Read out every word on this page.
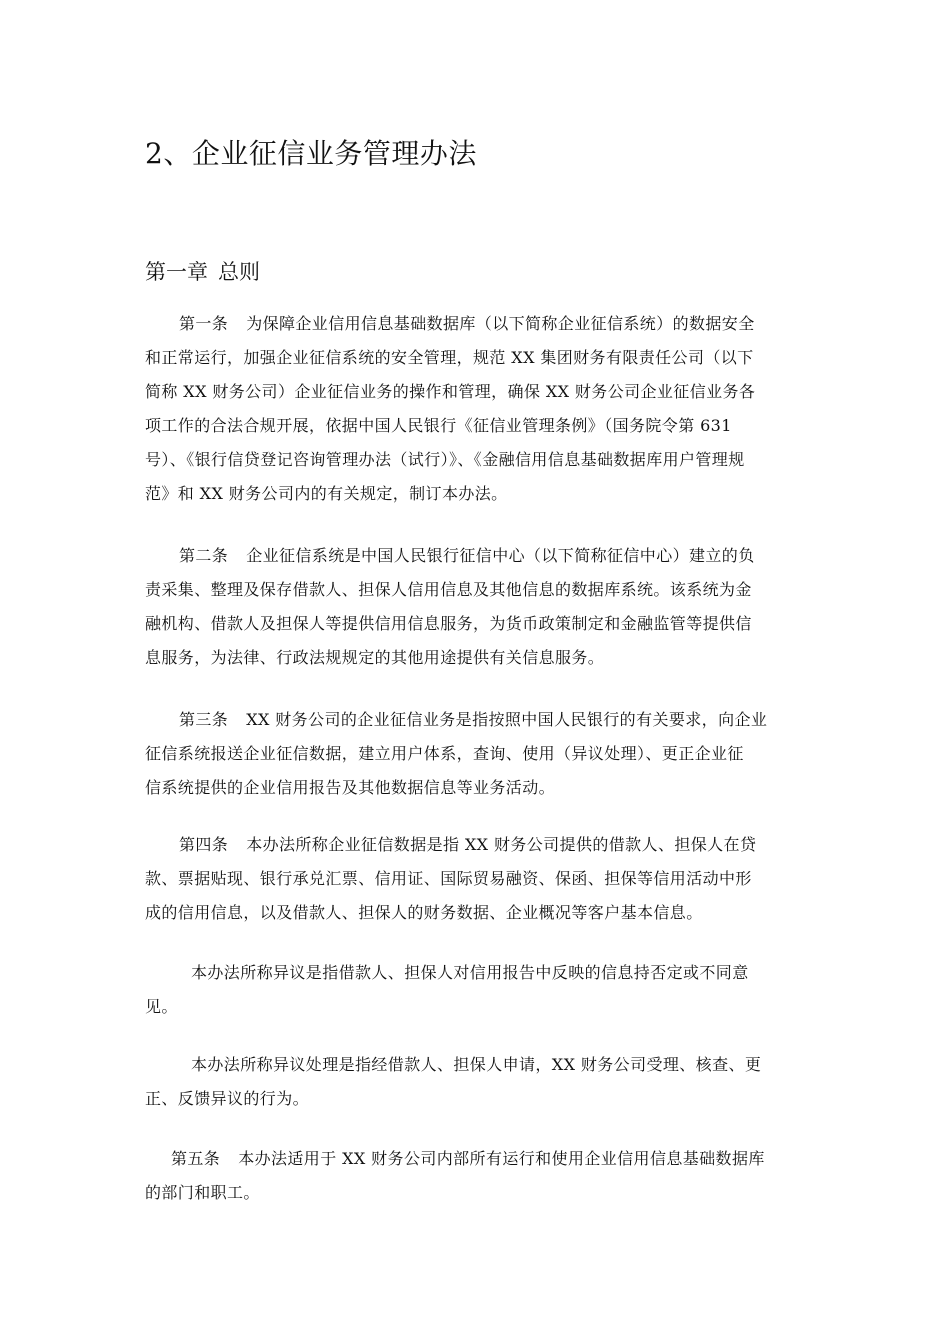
2、企业征信业务管理办法
第一章 总则
第一条 为保障企业信用信息基础数据库（以下简称企业征信系统）的数据安全
和正常运行，加强企业征信系统的安全管理，规范 XX 集团财务有限责任公司（以下
简称 XX 财务公司）企业征信业务的操作和管理，确保 XX 财务公司企业征信业务各
项工作的合法合规开展，依据中国人民银行《征信业管理条例》（国务院令第 631
号）、《银行信贷登记咨询管理办法（试行）》、《金融信用信息基础数据库用户管理规
范》和 XX 财务公司内的有关规定，制订本办法。
第二条 企业征信系统是中国人民银行征信中心（以下简称征信中心）建立的负
责采集、整理及保存借款人、担保人信用信息及其他信息的数据库系统。该系统为金
融机构、借款人及担保人等提供信用信息服务，为货币政策制定和金融监管等提供信
息服务，为法律、行政法规规定的其他用途提供有关信息服务。
第三条 XX 财务公司的企业征信业务是指按照中国人民银行的有关要求，向企业
征信系统报送企业征信数据，建立用户体系，查询、使用（异议处理）、更正企业征
信系统提供的企业信用报告及其他数据信息等业务活动。
第四条 本办法所称企业征信数据是指 XX 财务公司提供的借款人、担保人在贷
款、票据贴现、银行承兑汇票、信用证、国际贸易融资、保函、担保等信用活动中形
成的信用信息，以及借款人、担保人的财务数据、企业概况等客户基本信息。
本办法所称异议是指借款人、担保人对信用报告中反映的信息持否定或不同意
见。
本办法所称异议处理是指经借款人、担保人申请，XX 财务公司受理、核查、更
正、反馈异议的行为。
第五条 本办法适用于 XX 财务公司内部所有运行和使用企业信用信息基础数据库
的部门和职工。
